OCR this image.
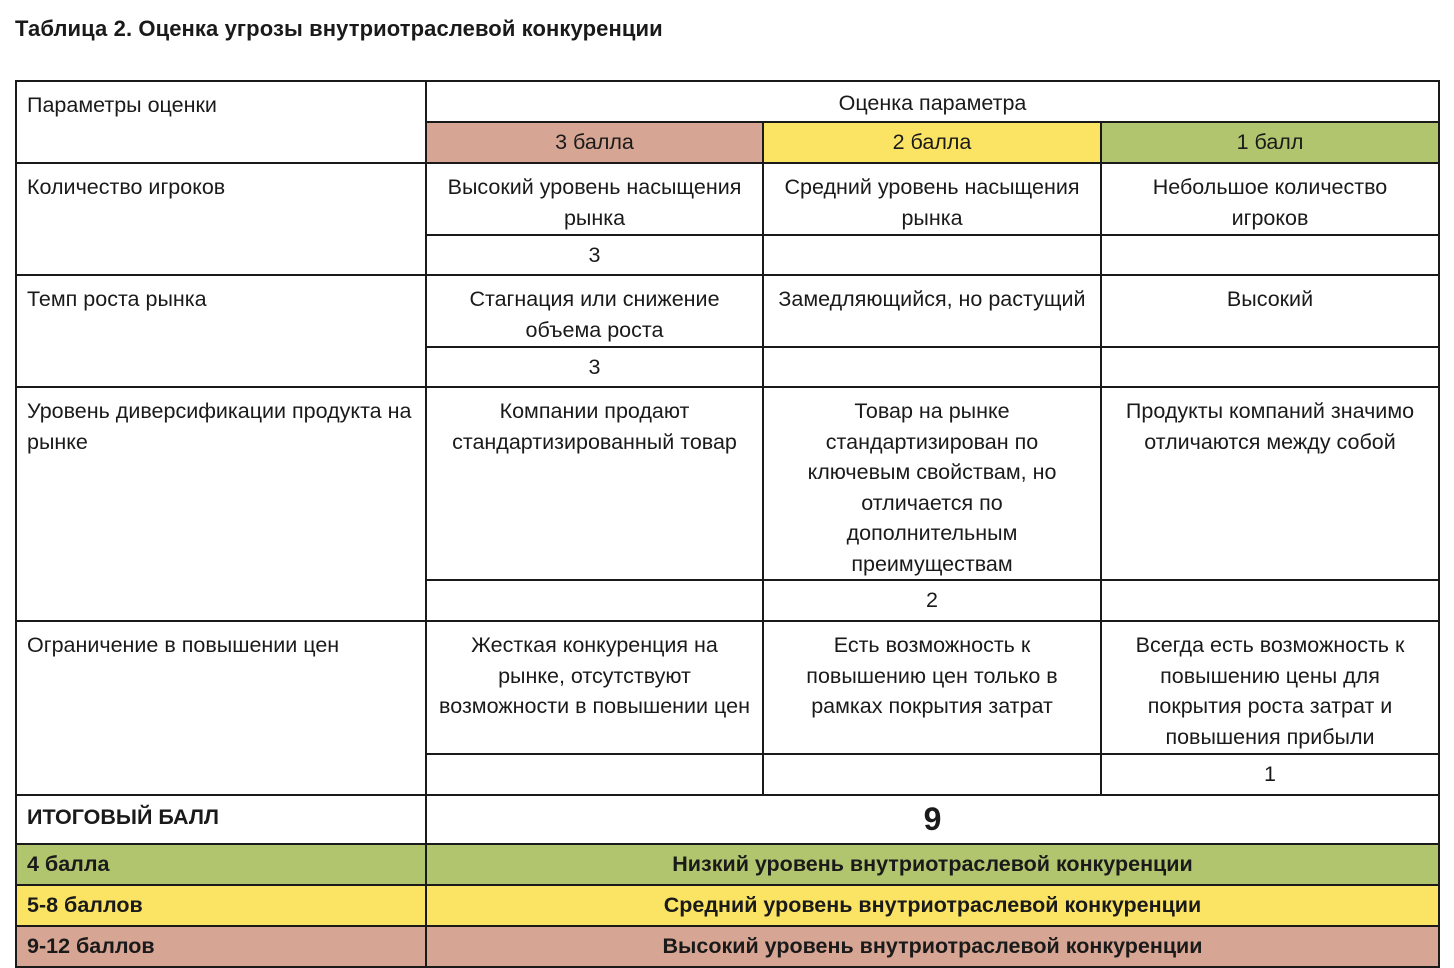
Таблица 2. Оценка угрозы внутриотраслевой конкуренции
Параметры оценки	Оценка параметра		
	3 балла	2 балла	1 балл
Количество игроков	Высокий уровень насыщения рынка	Средний уровень насыщения рынка	Небольшое количество игроков
	3		
Темп роста рынка	Стагнация или снижение объема роста	Замедляющийся, но растущий	Высокий
	3		
Уровень диверсификации продукта на рынке	Компании продают стандартизированный товар	Товар на рынке стандартизирован по ключевым свойствам, но отличается по дополнительным преимуществам	Продукты компаний значимо отличаются между собой
		2	
Ограничение в повышении цен	Жесткая конкуренция на рынке, отсутствуют возможности в повышении цен	Есть возможность к повышению цен только в рамках покрытия затрат	Всегда есть возможность к повышению цены для покрытия роста затрат и повышения прибыли
			1
ИТОГОВЫЙ БАЛЛ	9		
4 балла	Низкий уровень внутриотраслевой конкуренции		
5-8 баллов	Средний уровень внутриотраслевой конкуренции		
9-12 баллов	Высокий уровень внутриотраслевой конкуренции		
